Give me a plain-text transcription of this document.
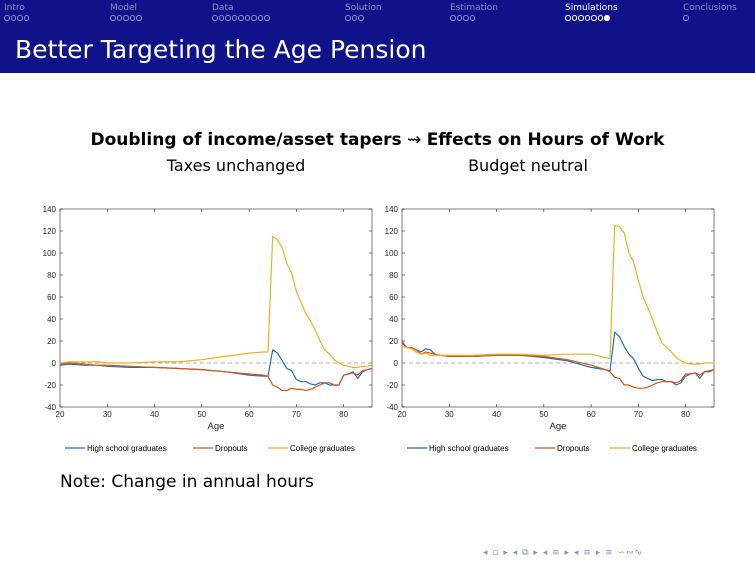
Intro	Model	Data	Solution	Estimation	Simulations	Conclusions
Better Targeting the Age Pension
Doubling of income/asset tapers ⇝ Effects on Hours of Work
Taxes unchanged	Budget neutral
-40
-20
0
20
40
60
80
100
120
140
20	30	40	50	60	70	80
Age
High school graduates	Dropouts	College graduates
-40
-20
0
20
40
60
80
100
120
140
20	30	40	50	60	70	80
Age
High school graduates	Dropouts	College graduates
Note: Change in annual hours
◂ ▫ ▸ ◂ ⧉ ▸ ◂ ≡ ▸ ◂ ≡ ▸ ≡ ∽∾∿
